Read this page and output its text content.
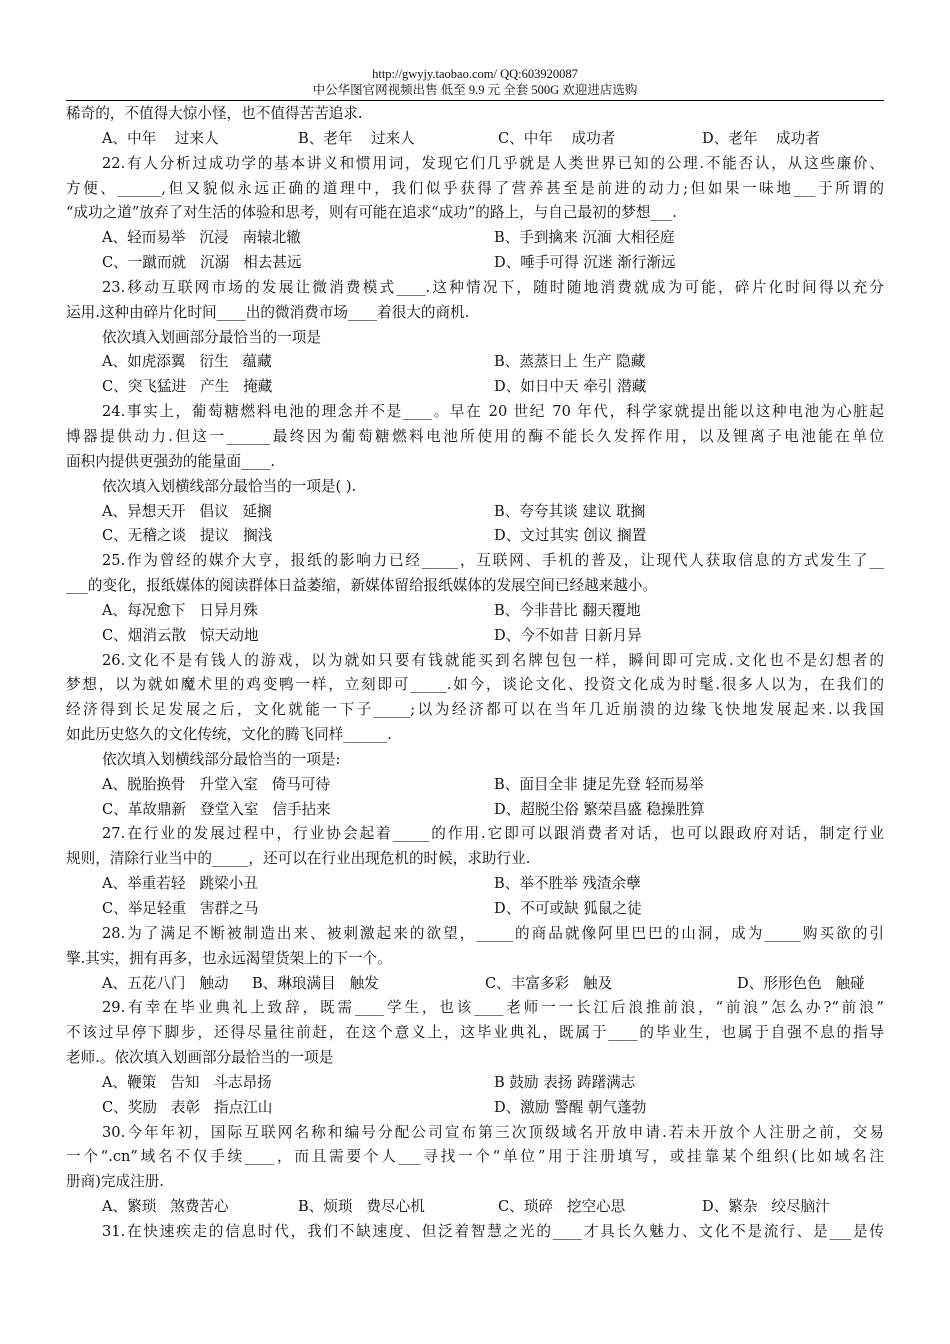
http://gwyjy.taobao.com/ QQ:603920087
中公华图官网视频出售 低至 9.9 元 全套 500G 欢迎进店选购
稀奇的，不值得大惊小怪，也不值得苦苦追求.
A、中年    过来人	B、老年    过来人	C、中年    成功者	D、老年    成功者
22.有人分析过成功学的基本讲义和惯用词，发现它们几乎就是人类世界已知的公理.不能否认，从这些廉价、
方便、______,但又貌似永远正确的道理中，我们似乎获得了营养甚至是前进的动力;但如果一味地___于所谓的
“成功之道”放弃了对生活的体验和思考，则有可能在追求“成功”的路上，与自己最初的梦想___.
A、轻而易举   沉浸   南辕北辙	B、手到擒来 沉湎 大相径庭
C、一蹴而就   沉溺   相去甚远	D、唾手可得 沉迷 渐行渐远
23.移动互联网市场的发展让微消费模式____.这种情况下，随时随地消费就成为可能，碎片化时间得以充分
运用.这种由碎片化时间____出的微消费市场____着很大的商机.
依次填入划画部分最恰当的一项是
A、如虎添翼   衍生   蕴藏	B、蒸蒸日上 生产 隐藏
C、突飞猛进   产生   掩藏	D、如日中天 牵引 潜藏
24.事实上，葡萄糖燃料电池的理念并不是____。早在 20 世纪 70 年代，科学家就提出能以这种电池为心脏起
博器提供动力.但这一______最终因为葡萄糖燃料电池所使用的酶不能长久发挥作用，以及锂离子电池能在单位
面积内提供更强劲的能量面____.
依次填入划横线部分最恰当的一项是( ).
A、异想天开   倡议   延搁	B、夸夸其谈 建议 耽搁
C、无稽之谈   提议   搁浅	D、文过其实 创议 搁置
25.作为曾经的媒介大亨，报纸的影响力已经_____，互联网、手机的普及，让现代人获取信息的方式发生了__
___的变化，报纸媒体的阅读群体日益萎缩，新媒体留给报纸媒体的发展空间已经越来越小。
A、每况愈下   日异月殊	B、今非昔比 翻天覆地
C、烟消云散   惊天动地	D、今不如昔 日新月异
26.文化不是有钱人的游戏，以为就如只要有钱就能买到名牌包包一样，瞬间即可完成.文化也不是幻想者的
梦想，以为就如魔术里的鸡变鸭一样，立刻即可_____.如今，谈论文化、投资文化成为时髦.很多人以为，在我们的
经济得到长足发展之后，文化就能一下子_____;以为经济都可以在当年几近崩溃的边缘飞快地发展起来.以我国
如此历史悠久的文化传统，文化的腾飞同样______.
依次填入划横线部分最恰当的一项是:
A、脱胎换骨   升堂入室   倚马可待	B、面目全非 捷足先登 轻而易举
C、革故鼎新   登堂入室   信手拈来	D、超脱尘俗 繁荣昌盛 稳操胜算
27.在行业的发展过程中，行业协会起着_____的作用.它即可以跟消费者对话，也可以跟政府对话，制定行业
规则，清除行业当中的_____，还可以在行业出现危机的时候，求助行业.
A、举重若轻   跳梁小丑	B、举不胜举 残渣余孽
C、举足轻重   害群之马	D、不可或缺 狐鼠之徒
28.为了满足不断被制造出来、被刺激起来的欲望，_____的商品就像阿里巴巴的山洞，成为_____购买欲的引
擎.其实，拥有再多，也永远渴望货架上的下一个。
A、五花八门   触动	B、琳琅满目   触发	C、丰富多彩   触及	D、形形色色   触碰
29.有幸在毕业典礼上致辞，既需____学生，也该____老师一一长江后浪推前浪，“前浪”怎么办?“前浪”
不该过早停下脚步，还得尽量往前赶，在这个意义上，这毕业典礼，既属于____的毕业生，也属于自强不息的指导
老师.。依次填入划画部分最恰当的一项是
A、鞭策   告知   斗志昂扬	B 鼓励 表扬 踌躇满志
C、奖励   表彰   指点江山	D、激励 警醒 朝气蓬勃
30.今年年初，国际互联网名称和编号分配公司宣布第三次顶级域名开放申请.若未开放个人注册之前，交易
一个“.cn”域名不仅手续____，而且需要个人___寻找一个“单位”用于注册填写，或挂靠某个组织(比如域名注
册商)完成注册.
A、繁琐   煞费苦心	B、烦琐   费尽心机	C、琐碎   挖空心思	D、繁杂   绞尽脑汁
31.在快速疾走的信息时代，我们不缺速度、但泛着智慧之光的____才具长久魅力、文化不是流行、是___是传
